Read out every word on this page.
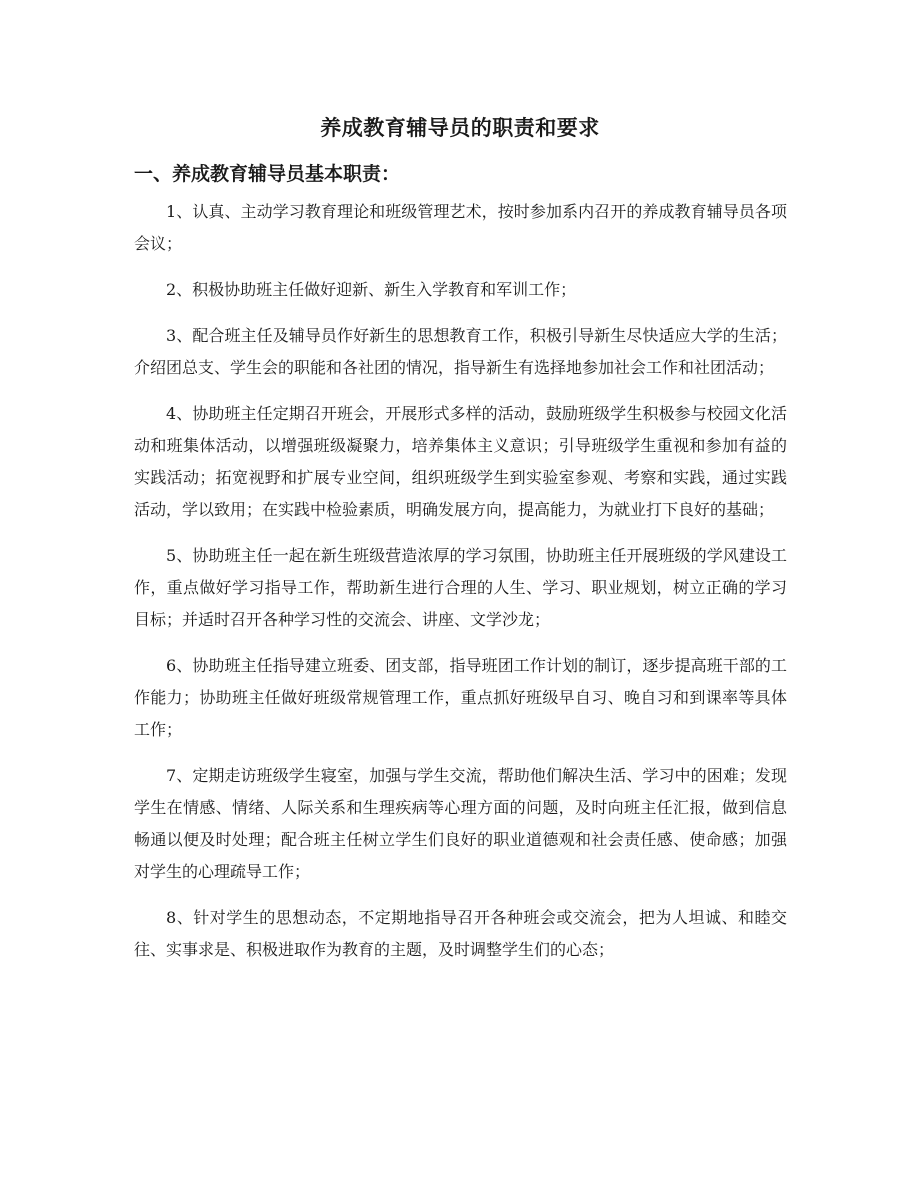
养成教育辅导员的职责和要求
一、养成教育辅导员基本职责：

1、认真、主动学习教育理论和班级管理艺术，按时参加系内召开的养成教育辅导员各项会议；

2、积极协助班主任做好迎新、新生入学教育和军训工作；

3、配合班主任及辅导员作好新生的思想教育工作，积极引导新生尽快适应大学的生活；介绍团总支、学生会的职能和各社团的情况，指导新生有选择地参加社会工作和社团活动；

4、协助班主任定期召开班会，开展形式多样的活动，鼓励班级学生积极参与校园文化活动和班集体活动，以增强班级凝聚力，培养集体主义意识；引导班级学生重视和参加有益的实践活动；拓宽视野和扩展专业空间，组织班级学生到实验室参观、考察和实践，通过实践活动，学以致用；在实践中检验素质，明确发展方向，提高能力，为就业打下良好的基础；

5、协助班主任一起在新生班级营造浓厚的学习氛围，协助班主任开展班级的学风建设工作，重点做好学习指导工作，帮助新生进行合理的人生、学习、职业规划，树立正确的学习目标；并适时召开各种学习性的交流会、讲座、文学沙龙；

6、协助班主任指导建立班委、团支部，指导班团工作计划的制订，逐步提高班干部的工作能力；协助班主任做好班级常规管理工作，重点抓好班级早自习、晚自习和到课率等具体工作；

7、定期走访班级学生寝室，加强与学生交流，帮助他们解决生活、学习中的困难；发现学生在情感、情绪、人际关系和生理疾病等心理方面的问题，及时向班主任汇报，做到信息畅通以便及时处理；配合班主任树立学生们良好的职业道德观和社会责任感、使命感；加强对学生的心理疏导工作；

8、针对学生的思想动态，不定期地指导召开各种班会或交流会，把为人坦诚、和睦交往、实事求是、积极进取作为教育的主题，及时调整学生们的心态；
